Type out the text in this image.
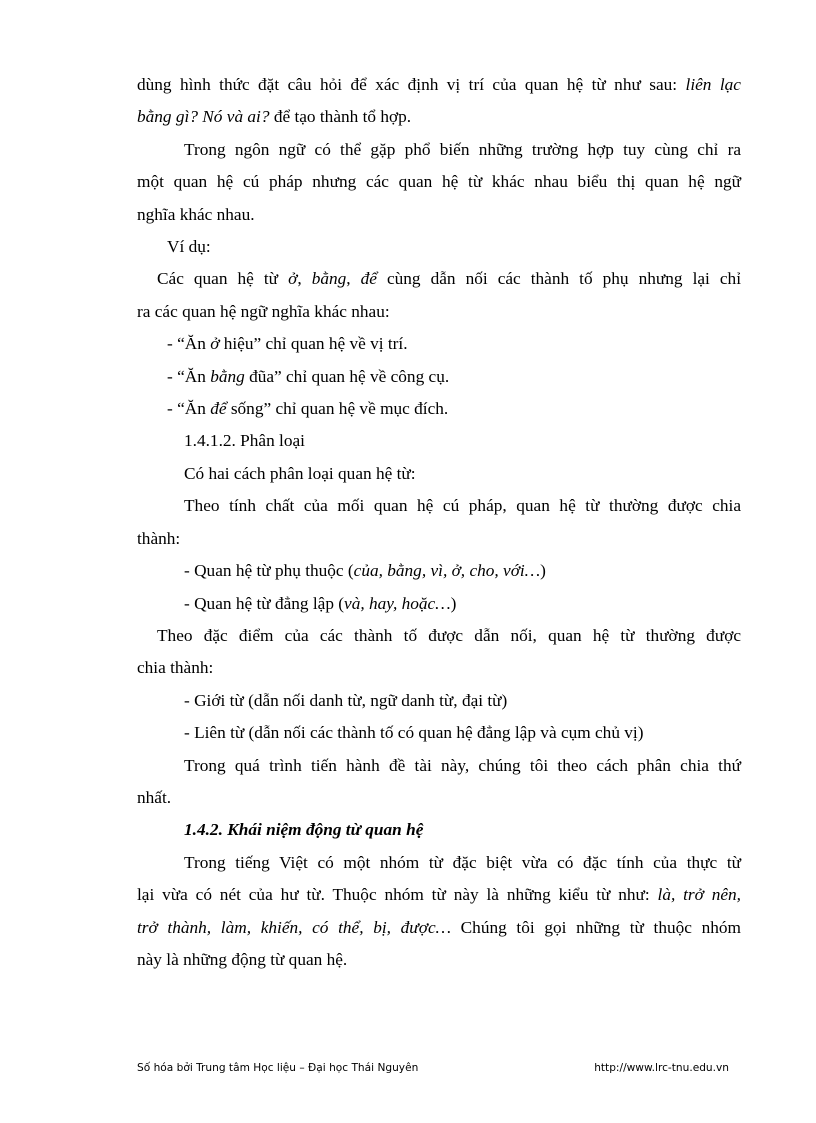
dùng hình thức đặt câu hỏi để xác định vị trí của quan hệ từ như sau: liên lạc

bằng gì? Nó và ai? để tạo thành tổ hợp.

Trong ngôn ngữ có thể gặp phổ biến những trường hợp tuy cùng chỉ ra

một quan hệ cú pháp nhưng các quan hệ từ khác nhau biểu thị quan hệ ngữ

nghĩa khác nhau.

Ví dụ:

Các quan hệ từ ở, bằng, để cùng dẫn nối các thành tố phụ nhưng lại chỉ

ra các quan hệ ngữ nghĩa khác nhau:

- “Ăn ở hiệu” chỉ quan hệ về vị trí.

- “Ăn bằng đũa” chỉ quan hệ về công cụ.

- “Ăn để sống” chỉ quan hệ về mục đích.

1.4.1.2. Phân loại

Có hai cách phân loại quan hệ từ:

Theo tính chất của mối quan hệ cú pháp, quan hệ từ thường được chia

thành:

- Quan hệ từ phụ thuộc (của, bằng, vì, ở, cho, với…)

- Quan hệ từ đẳng lập (và, hay, hoặc…)

Theo đặc điểm của các thành tố được dẫn nối, quan hệ từ thường được

chia thành:

- Giới từ (dẫn nối danh từ, ngữ danh từ, đại từ)

- Liên từ (dẫn nối các thành tố có quan hệ đẳng lập và cụm chủ vị)

Trong quá trình tiến hành đề tài này, chúng tôi theo cách phân chia thứ

nhất.

1.4.2. Khái niệm động từ quan hệ

Trong tiếng Việt có một nhóm từ đặc biệt vừa có đặc tính của thực từ

lại vừa có nét của hư từ. Thuộc nhóm từ này là những kiểu từ như: là, trở nên,

trở thành, làm, khiến, có thể, bị, được… Chúng tôi gọi những từ thuộc nhóm

này là những động từ quan hệ.

Số hóa bởi Trung tâm Học liệu – Đại học Thái Nguyên	http://www.lrc-tnu.edu.vn
